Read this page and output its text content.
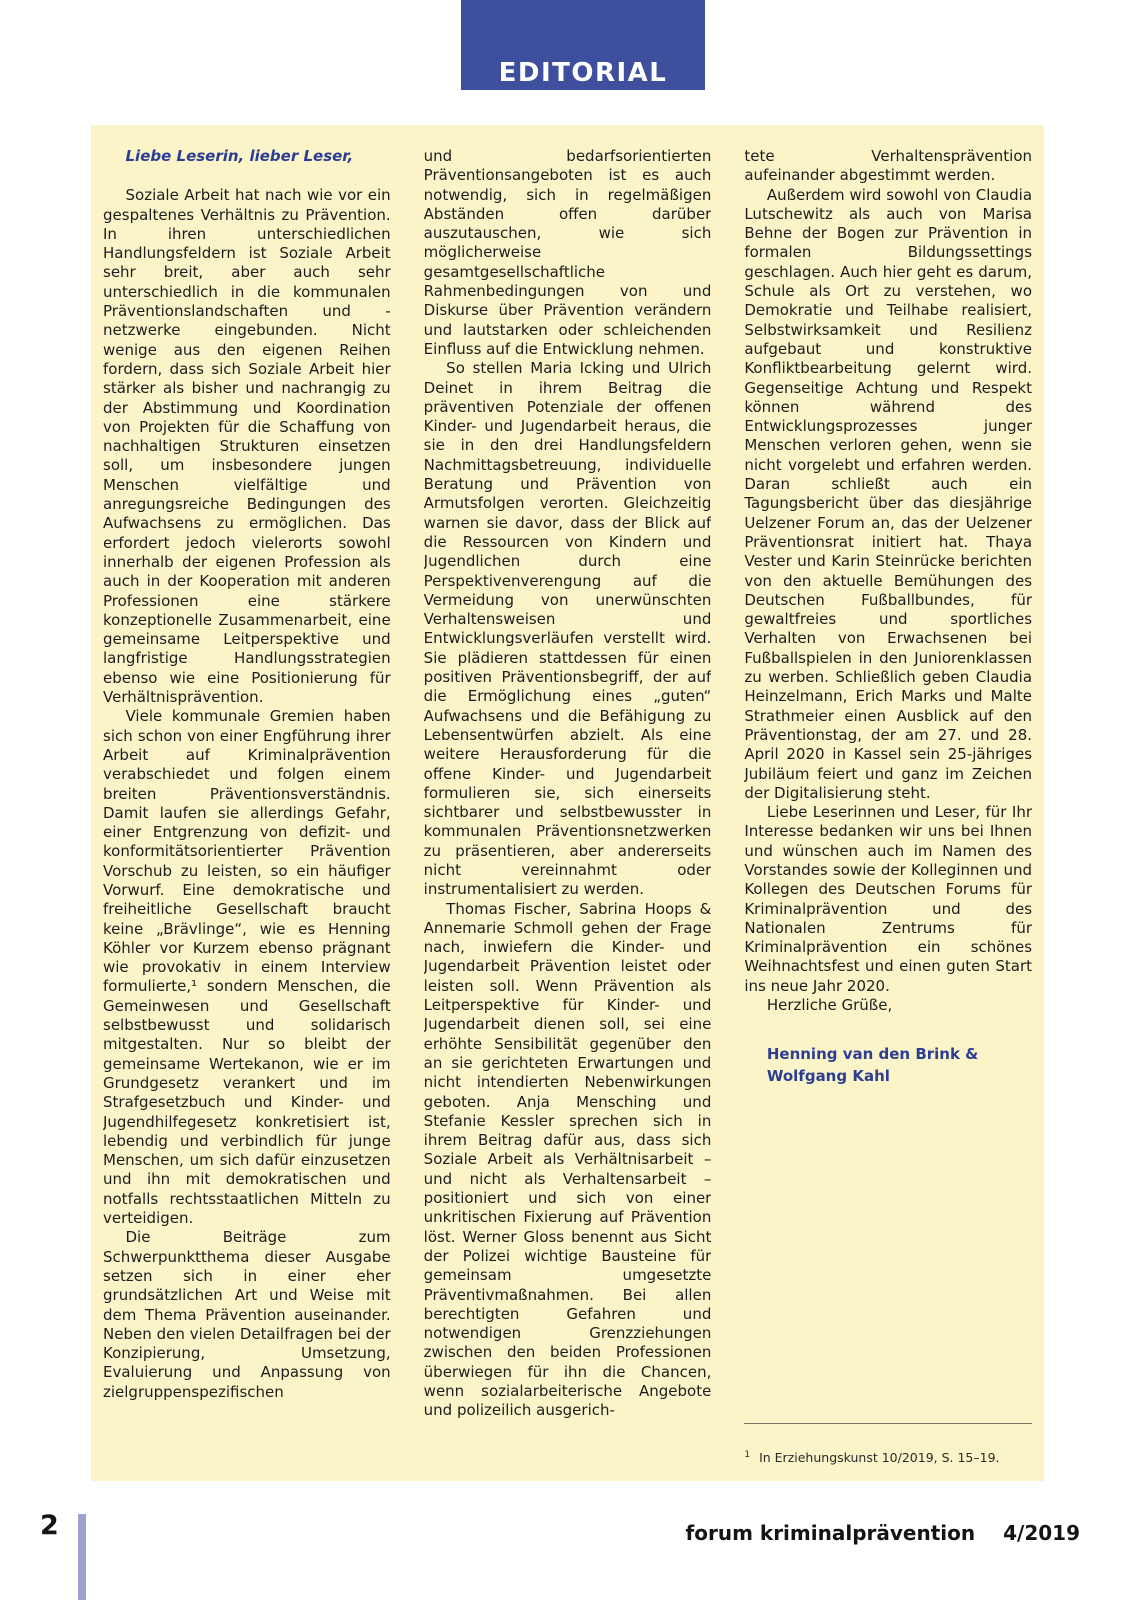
EDITORIAL

Liebe Leserin, lieber Leser,

Soziale Arbeit hat nach wie vor ein gespaltenes Verhältnis zu Prävention. In ihren unterschiedlichen Handlungsfeldern ist Soziale Arbeit sehr breit, aber auch sehr unterschiedlich in die kommunalen Präventionslandschaften und -netzwerke eingebunden. Nicht wenige aus den eigenen Reihen fordern, dass sich Soziale Arbeit hier stärker als bisher und nachrangig zu der Abstimmung und Koordination von Projekten für die Schaffung von nachhaltigen Strukturen einsetzen soll, um insbesondere jungen Menschen vielfältige und anregungsreiche Bedingungen des Aufwachsens zu ermöglichen. Das erfordert jedoch vielerorts sowohl innerhalb der eigenen Profession als auch in der Kooperation mit anderen Professionen eine stärkere konzeptionelle Zusammenarbeit, eine gemeinsame Leitperspektive und langfristige Handlungsstrategien ebenso wie eine Positionierung für Verhältnisprävention.

Viele kommunale Gremien haben sich schon von einer Engführung ihrer Arbeit auf Kriminalprävention verabschiedet und folgen einem breiten Präventionsverständnis. Damit laufen sie allerdings Gefahr, einer Entgrenzung von defizit- und konformitätsorientierter Prävention Vorschub zu leisten, so ein häufiger Vorwurf. Eine demokratische und freiheitliche Gesellschaft braucht keine „Brävlinge“, wie es Henning Köhler vor Kurzem ebenso prägnant wie provokativ in einem Interview formulierte,¹ sondern Menschen, die Gemeinwesen und Gesellschaft selbstbewusst und solidarisch mitgestalten. Nur so bleibt der gemeinsame Wertekanon, wie er im Grundgesetz verankert und im Strafgesetzbuch und Kinder- und Jugendhilfegesetz konkretisiert ist, lebendig und verbindlich für junge Menschen, um sich dafür einzusetzen und ihn mit demokratischen und notfalls rechtsstaatlichen Mitteln zu verteidigen.

Die Beiträge zum Schwerpunktthema dieser Ausgabe setzen sich in einer eher grundsätzlichen Art und Weise mit dem Thema Prävention auseinander. Neben den vielen Detailfragen bei der Konzipierung, Umsetzung, Evaluierung und Anpassung von zielgruppenspezifischen

und bedarfsorientierten Präventionsangeboten ist es auch notwendig, sich in regelmäßigen Abständen offen darüber auszutauschen, wie sich möglicherweise gesamtgesellschaftliche Rahmenbedingungen von und Diskurse über Prävention verändern und lautstarken oder schleichenden Einfluss auf die Entwicklung nehmen.

So stellen Maria Icking und Ulrich Deinet in ihrem Beitrag die präventiven Potenziale der offenen Kinder- und Jugendarbeit heraus, die sie in den drei Handlungsfeldern Nachmittagsbetreuung, individuelle Beratung und Prävention von Armutsfolgen verorten. Gleichzeitig warnen sie davor, dass der Blick auf die Ressourcen von Kindern und Jugendlichen durch eine Perspektivenverengung auf die Vermeidung von unerwünschten Verhaltensweisen und Entwicklungsverläufen verstellt wird. Sie plädieren stattdessen für einen positiven Präventionsbegriff, der auf die Ermöglichung eines „guten“ Aufwachsens und die Befähigung zu Lebensentwürfen abzielt. Als eine weitere Herausforderung für die offene Kinder- und Jugendarbeit formulieren sie, sich einerseits sichtbarer und selbstbewusster in kommunalen Präventionsnetzwerken zu präsentieren, aber andererseits nicht vereinnahmt oder instrumentalisiert zu werden.

Thomas Fischer, Sabrina Hoops & Annemarie Schmoll gehen der Frage nach, inwiefern die Kinder- und Jugendarbeit Prävention leistet oder leisten soll. Wenn Prävention als Leitperspektive für Kinder- und Jugendarbeit dienen soll, sei eine erhöhte Sensibilität gegenüber den an sie gerichteten Erwartungen und nicht intendierten Nebenwirkungen geboten. Anja Mensching und Stefanie Kessler sprechen sich in ihrem Beitrag dafür aus, dass sich Soziale Arbeit als Verhältnisarbeit – und nicht als Verhaltensarbeit – positioniert und sich von einer unkritischen Fixierung auf Prävention löst. Werner Gloss benennt aus Sicht der Polizei wichtige Bausteine für gemeinsam umgesetzte Präventivmaßnahmen. Bei allen berechtigten Gefahren und notwendigen Grenzziehungen zwischen den beiden Professionen überwiegen für ihn die Chancen, wenn sozialarbeiterische Angebote und polizeilich ausgerich-

tete Verhaltensprävention aufeinander abgestimmt werden.

Außerdem wird sowohl von Claudia Lutschewitz als auch von Marisa Behne der Bogen zur Prävention in formalen Bildungssettings geschlagen. Auch hier geht es darum, Schule als Ort zu verstehen, wo Demokratie und Teilhabe realisiert, Selbstwirksamkeit und Resilienz aufgebaut und konstruktive Konfliktbearbeitung gelernt wird. Gegenseitige Achtung und Respekt können während des Entwicklungsprozesses junger Menschen verloren gehen, wenn sie nicht vorgelebt und erfahren werden. Daran schließt auch ein Tagungsbericht über das diesjährige Uelzener Forum an, das der Uelzener Präventionsrat initiert hat. Thaya Vester und Karin Steinrücke berichten von den aktuelle Bemühungen des Deutschen Fußballbundes, für gewaltfreies und sportliches Verhalten von Erwachsenen bei Fußballspielen in den Juniorenklassen zu werben. Schließlich geben Claudia Heinzelmann, Erich Marks und Malte Strathmeier einen Ausblick auf den Präventionstag, der am 27. und 28. April 2020 in Kassel sein 25-jähriges Jubiläum feiert und ganz im Zeichen der Digitalisierung steht.

Liebe Leserinnen und Leser, für Ihr Interesse bedanken wir uns bei Ihnen und wünschen auch im Namen des Vorstandes sowie der Kolleginnen und Kollegen des Deutschen Forums für Kriminalprävention und des Nationalen Zentrums für Kriminalprävention ein schönes Weihnachtsfest und einen guten Start ins neue Jahr 2020.

Herzliche Grüße,

Henning van den Brink &
Wolfgang Kahl
$^1$ In Erziehungskunst 10/2019, S. 15–19.
2	forum kriminalprävention 4/2019
